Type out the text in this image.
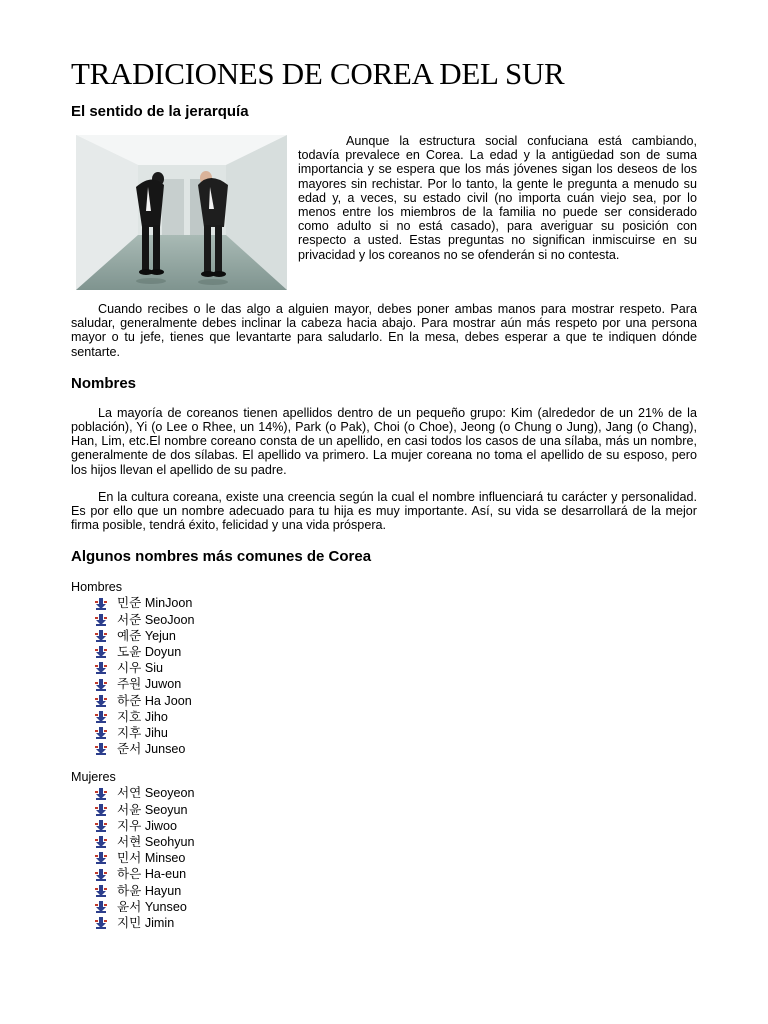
TRADICIONES DE COREA DEL SUR
El sentido de la jerarquía

Aunque la estructura social confuciana está cambiando, todavía prevalece en Corea. La edad y la antigüedad son de suma importancia y se espera que los más jóvenes sigan los deseos de los mayores sin rechistar. Por lo tanto, la gente le pregunta a menudo su edad y, a veces, su estado civil (no importa cuán viejo sea, por lo menos entre los miembros de la familia no puede ser considerado como adulto si no está casado), para averiguar su posición con respecto a usted. Estas preguntas no significan inmiscuirse en su privacidad y los coreanos no se ofenderán si no contesta.

Cuando recibes o le das algo a alguien mayor, debes poner ambas manos para mostrar respeto. Para saludar, generalmente debes inclinar la cabeza hacia abajo. Para mostrar aún más respeto por una persona mayor o tu jefe, tienes que levantarte para saludarlo. En la mesa, debes esperar a que te indiquen dónde sentarte.

Nombres

La mayoría de coreanos tienen apellidos dentro de un pequeño grupo: Kim (alrededor de un 21% de la población), Yi (o Lee o Rhee, un 14%), Park (o Pak), Choi (o Choe), Jeong (o Chung o Jung), Jang (o Chang), Han, Lim, etc.El nombre coreano consta de un apellido, en casi todos los casos de una sílaba, más un nombre, generalmente de dos sílabas. El apellido va primero. La mujer coreana no toma el apellido de su esposo, pero los hijos llevan el apellido de su padre.

En la cultura coreana, existe una creencia según la cual el nombre influenciará tu carácter y personalidad. Es por ello que un nombre adecuado para tu hija es muy importante. Así, su vida se desarrollará de la mejor firma posible, tendrá éxito, felicidad y una vida próspera.

Algunos nombres más comunes de Corea
Hombres
민준 MinJoon
서준 SeoJoon
예준 Yejun
도윤 Doyun
시우 Siu
주원 Juwon
하준 Ha Joon
지호 Jiho
지후 Jihu
준서 Junseo
Mujeres
서연 Seoyeon
서윤 Seoyun
지우 Jiwoo
서현 Seohyun
민서 Minseo
하은 Ha-eun
하윤 Hayun
윤서 Yunseo
지민 Jimin
